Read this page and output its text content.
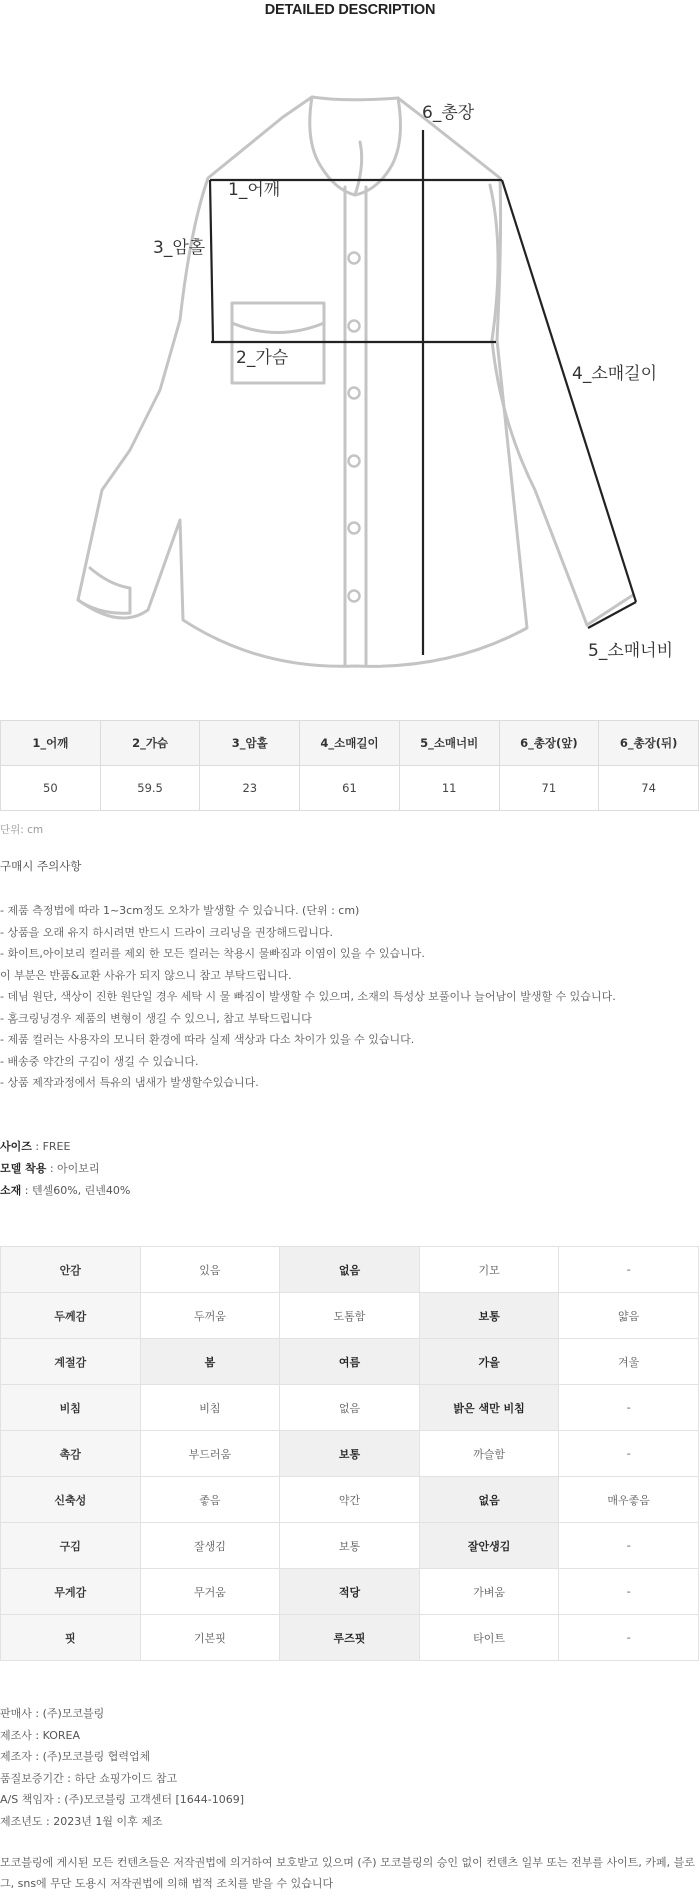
DETAILED DESCRIPTION
1_어깨
3_암홀
2_가슴
6_총장
4_소매길이
5_소매너비
1_어깨	2_가슴	3_암홀	4_소매길이	5_소매너비	6_총장(앞)	6_총장(뒤)
50	59.5	23	61	11	71	74
단위: cm
구매시 주의사항
- 제품 측정법에 따라 1~3cm정도 오차가 발생할 수 있습니다. (단위 : cm)
- 상품을 오래 유지 하시려면 반드시 드라이 크리닝을 권장해드립니다.
- 화이트,아이보리 컬러를 제외 한 모든 컬러는 착용시 물빠짐과 이염이 있을 수 있습니다.
이 부분은 반품&교환 사유가 되지 않으니 참고 부탁드립니다.
- 데님 원단, 색상이 진한 원단일 경우 세탁 시 물 빠짐이 발생할 수 있으며, 소재의 특성상 보풀이나 늘어남이 발생할 수 있습니다.
- 홈크링닝경우 제품의 변형이 생길 수 있으니, 참고 부탁드립니다
- 제품 컬러는 사용자의 모니터 환경에 따라 실제 색상과 다소 차이가 있을 수 있습니다.
- 배송중 약간의 구김이 생길 수 있습니다.
- 상품 제작과정에서 특유의 냄새가 발생할수있습니다.
사이즈 : FREE
모델 착용 : 아이보리
소재 : 텐셀60%, 린넨40%
안감	있음	없음	기모	-
두께감	두꺼움	도톰함	보통	얇음
계절감	봄	여름	가을	겨울
비침	비침	없음	밝은 색만 비침	-
촉감	부드러움	보통	까슬함	-
신축성	좋음	약간	없음	매우좋음
구김	잘생김	보통	잘안생김	-
무게감	무거움	적당	가벼움	-
핏	기본핏	루즈핏	타이트	-
판매사 : (주)모코블링
제조사 : KOREA
제조자 : (주)모코블링 협력업체
품질보증기간 : 하단 쇼핑가이드 참고
A/S 책임자 : (주)모코블링 고객센터 [1644-1069]
제조년도 : 2023년 1월 이후 제조
모코블링에 게시된 모든 컨텐츠들은 저작권법에 의거하여 보호받고 있으며 (주) 모코블링의 승인 없이 컨텐츠 일부 또는 전부를 사이트, 카페, 블로그, sns에 무단 도용시 저작권법에 의해 법적 조치를 받을 수 있습니다
